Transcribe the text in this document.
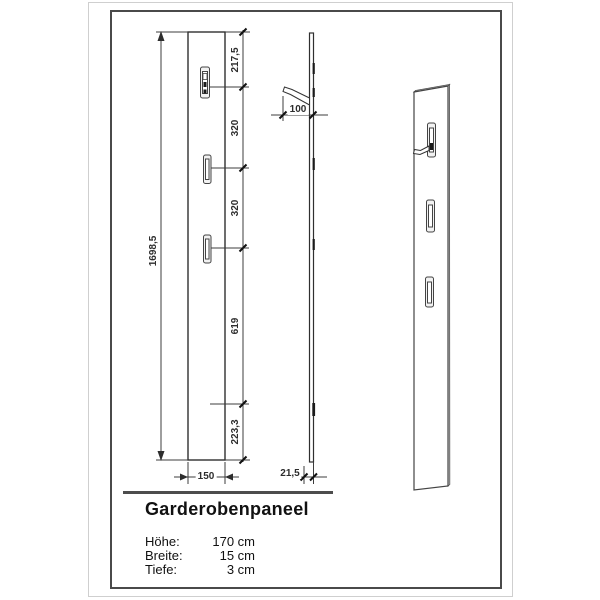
1698,5
217,5
320
320
619
223,3
150
100
21,5
Garderobenpaneel
Höhe:	170 cm
Breite:	15 cm
Tiefe:	3 cm
